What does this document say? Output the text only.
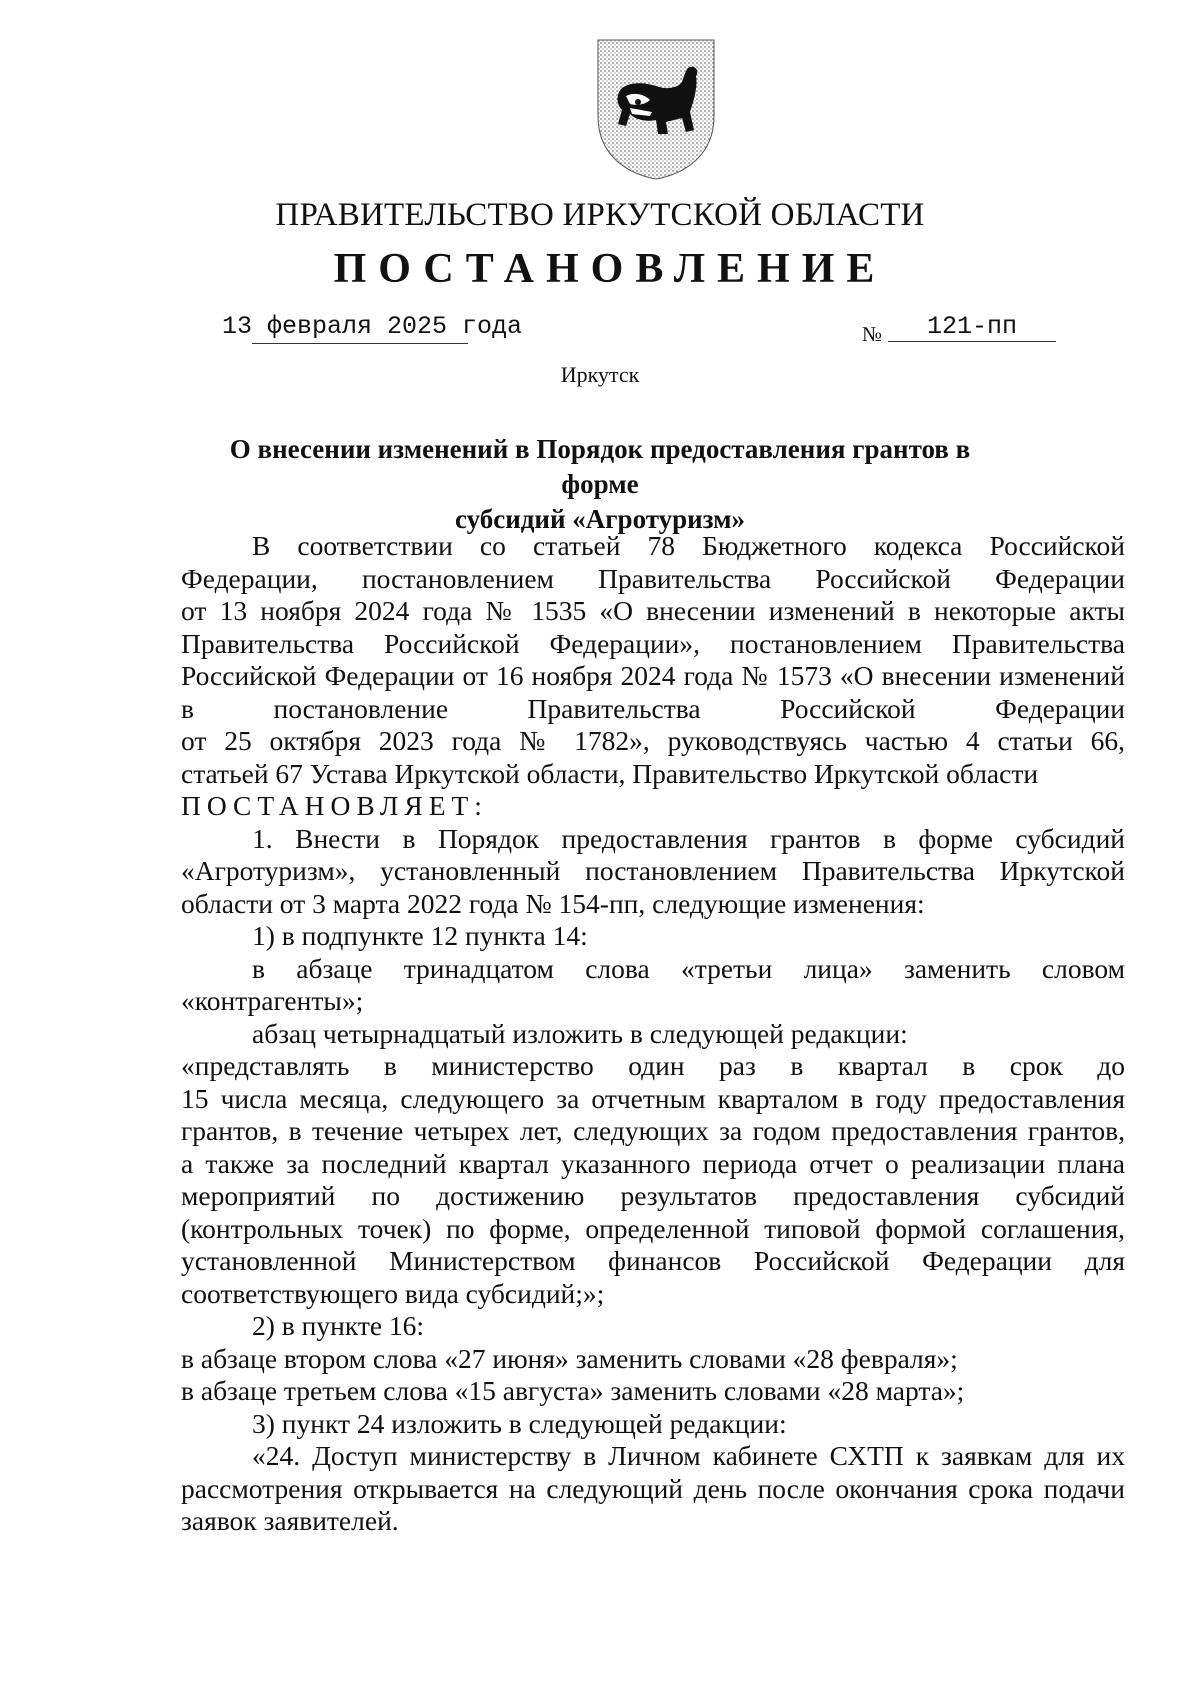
ПРАВИТЕЛЬСТВО ИРКУТСКОЙ ОБЛАСТИ
ПОСТАНОВЛЕНИЕ
13 февраля 2025 года	№	121-пп
Иркутск
О внесении изменений в Порядок предоставления грантов в форме
субсидий «Агротуризм»

В соответствии со статьей 78 Бюджетного кодекса Российской

Федерации, постановлением Правительства Российской Федерации

от 13 ноября 2024 года № 1535 «О внесении изменений в некоторые акты

Правительства Российской Федерации», постановлением Правительства

Российской Федерации от 16 ноября 2024 года № 1573 «О внесении изменений

в постановление Правительства Российской Федерации

от 25 октября 2023 года № 1782», руководствуясь частью 4 статьи 66,

статьей 67 Устава Иркутской области, Правительство Иркутской области

ПОСТАНОВЛЯЕТ:

1. Внести в Порядок предоставления грантов в форме субсидий

«Агротуризм», установленный постановлением Правительства Иркутской

области от 3 марта 2022 года № 154-пп, следующие изменения:

1) в подпункте 12 пункта 14:

в абзаце тринадцатом слова «третьи лица» заменить словом

«контрагенты»;

абзац четырнадцатый изложить в следующей редакции:

«представлять в министерство один раз в квартал в срок до

15 числа месяца, следующего за отчетным кварталом в году предоставления

грантов, в течение четырех лет, следующих за годом предоставления грантов,

а также за последний квартал указанного периода отчет о реализации плана

мероприятий по достижению результатов предоставления субсидий

(контрольных точек) по форме, определенной типовой формой соглашения,

установленной Министерством финансов Российской Федерации для

соответствующего вида субсидий;»;

2) в пункте 16:

в абзаце втором слова «27 июня» заменить словами «28 февраля»;

в абзаце третьем слова «15 августа» заменить словами «28 марта»;

3) пункт 24 изложить в следующей редакции:

«24. Доступ министерству в Личном кабинете СХТП к заявкам для их

рассмотрения открывается на следующий день после окончания срока подачи

заявок заявителей.
